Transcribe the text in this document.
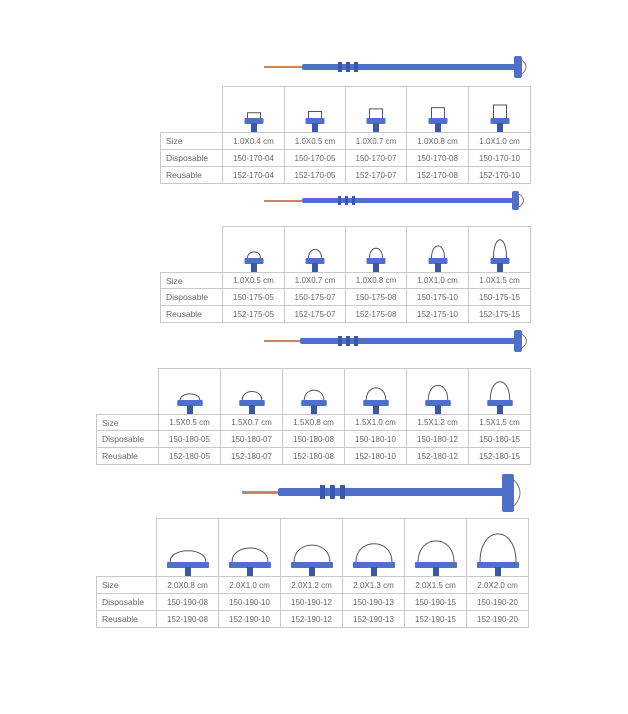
Size	1.0X0.4 cm	1.0X0.5 cm	1.0X0.7 cm	1.0X0.8 cm	1.0X1.0 cm
Disposable	150-170-04	150-170-05	150-170-07	150-170-08	150-170-10
Reusable	152-170-04	152-170-05	152-170-07	152-170-08	152-170-10

Size	1.0X0.5 cm	1.0X0.7 cm	1.0X0.8 cm	1.0X1.0 cm	1.0X1.5 cm
Disposable	150-175-05	150-175-07	150-175-08	150-175-10	150-175-15
Reusable	152-175-05	152-175-07	152-175-08	152-175-10	152-175-15

Size	1.5X0.5 cm	1.5X0.7 cm	1.5X0.8 cm	1.5X1.0 cm	1.5X1.2 cm	1.5X1.5 cm
Disposable	150-180-05	150-180-07	150-180-08	150-180-10	150-180-12	150-180-15
Reusable	152-180-05	152-180-07	152-180-08	152-180-10	152-180-12	152-180-15

Size	2.0X0.8 cm	2.0X1.0 cm	2.0X1.2 cm	2.0X1.3 cm	2.0X1.5 cm	2.0X2.0 cm
Disposable	150-190-08	150-190-10	150-190-12	150-190-13	150-190-15	150-190-20
Reusable	152-190-08	152-190-10	152-190-12	152-190-13	152-190-15	152-190-20
